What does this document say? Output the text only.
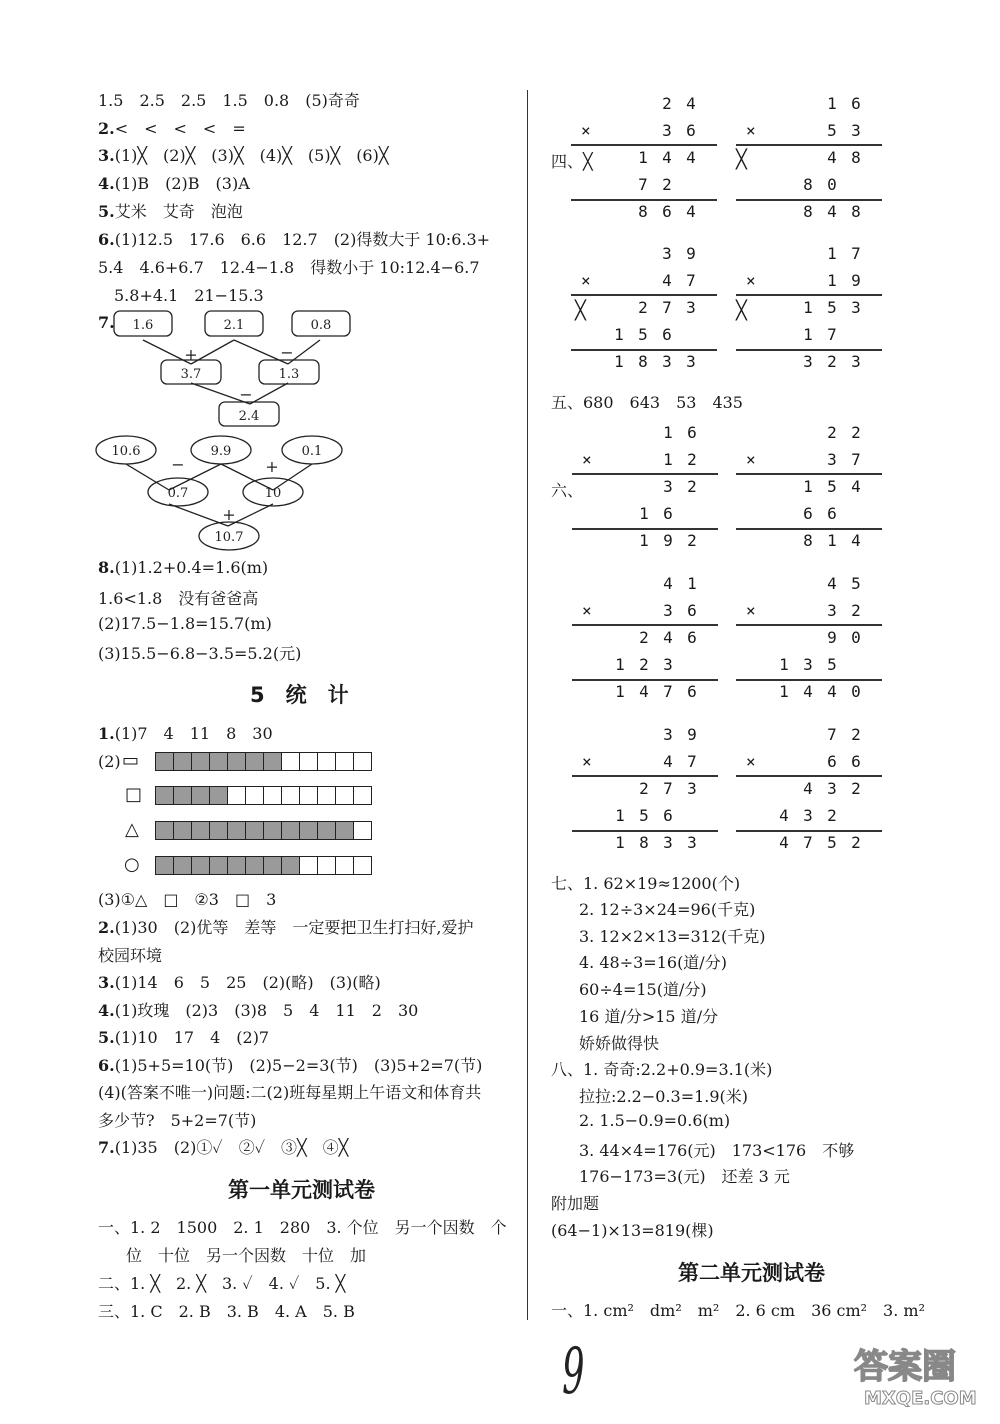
1.5　2.5　2.5　1.5　0.8　(5)奇奇
2.<　<　<　<　=
3.(1)╳　(2)╳　(3)╳　(4)╳　(5)╳　(6)╳
4.(1)B　(2)B　(3)A
5.艾米　艾奇　泡泡
6.(1)12.5　17.6　6.6　12.7　(2)得数大于 10:6.3+
5.4　4.6+6.7　12.4−1.8　得数小于 10:12.4−6.7
5.8+4.1　21−15.3
7. 1.6	2.1	0.8
3.7	1.3
2.4
+	−
−
10.6	9.9	0.1
0.7	10
10.7
−	+
+
8.(1)1.2+0.4=1.6(m)
1.6<1.8　没有爸爸高
(2)17.5−1.8=15.7(m)
(3)15.5−6.8−3.5=5.2(元)
5　统　计
1.(1)7　4　11　8　30
(2) ▭
□
△
○
(3)①△　□　②3　□　3
2.(1)30　(2)优等　差等　一定要把卫生打扫好,爱护
校园环境
3.(1)14　6　5　25　(2)(略)　(3)(略)
4.(1)玫瑰　(2)3　(3)8　5　4　11　2　30
5.(1)10　17　4　(2)7
6.(1)5+5=10(节)　(2)5−2=3(节)　(3)5+2=7(节)
(4)(答案不唯一)问题:二(2)班每星期上午语文和体育共
多少节?　5+2=7(节)
7.(1)35　(2)①✓　②✓　③╳　④╳
第一单元测试卷
一、1. 2　1500　2. 1　280　3. 个位　另一个因数　个
位　十位　另一个因数　十位　加
二、1. ╳　2. ╳　3. ✓　4. ✓　5. ╳
三、1. C　2. B　3. B　4. A　5. B
四、╳	╳
╳	╳
2 4
3 6
×
1 4 4
7 2
8 6 4
1 6
5 3
×
4 8
8 0
8 4 8
3 9
4 7
×
2 7 3
1 5 6
1 8 3 3
1 7
1 9
×
1 5 3
1 7
3 2 3
1 6
1 2
×
3 2
1 6
1 9 2
2 2
3 7
×
1 5 4
6 6
8 1 4
4 1
3 6
×
2 4 6
1 2 3
1 4 7 6
4 5
3 2
×
9 0
1 3 5
1 4 4 0
3 9
4 7
×
2 7 3
1 5 6
1 8 3 3
7 2
6 6
×
4 3 2
4 3 2
4 7 5 2
五、680　643　53　435
六、
七、1. 62×19≈1200(个)
2. 12÷3×24=96(千克)
3. 12×2×13=312(千克)
4. 48÷3=16(道/分)
60÷4=15(道/分)
16 道/分>15 道/分
娇娇做得快
八、1. 奇奇:2.2+0.9=3.1(米)
拉拉:2.2−0.3=1.9(米)
2. 1.5−0.9=0.6(m)
3. 44×4=176(元)　173<176　不够
176−173=3(元)　还差 3 元
附加题
(64−1)×13=819(棵)
第二单元测试卷
一、1. cm²　dm²　m²　2. 6 cm　36 cm²　3. m²
9	答案圈
MXQE.COM
